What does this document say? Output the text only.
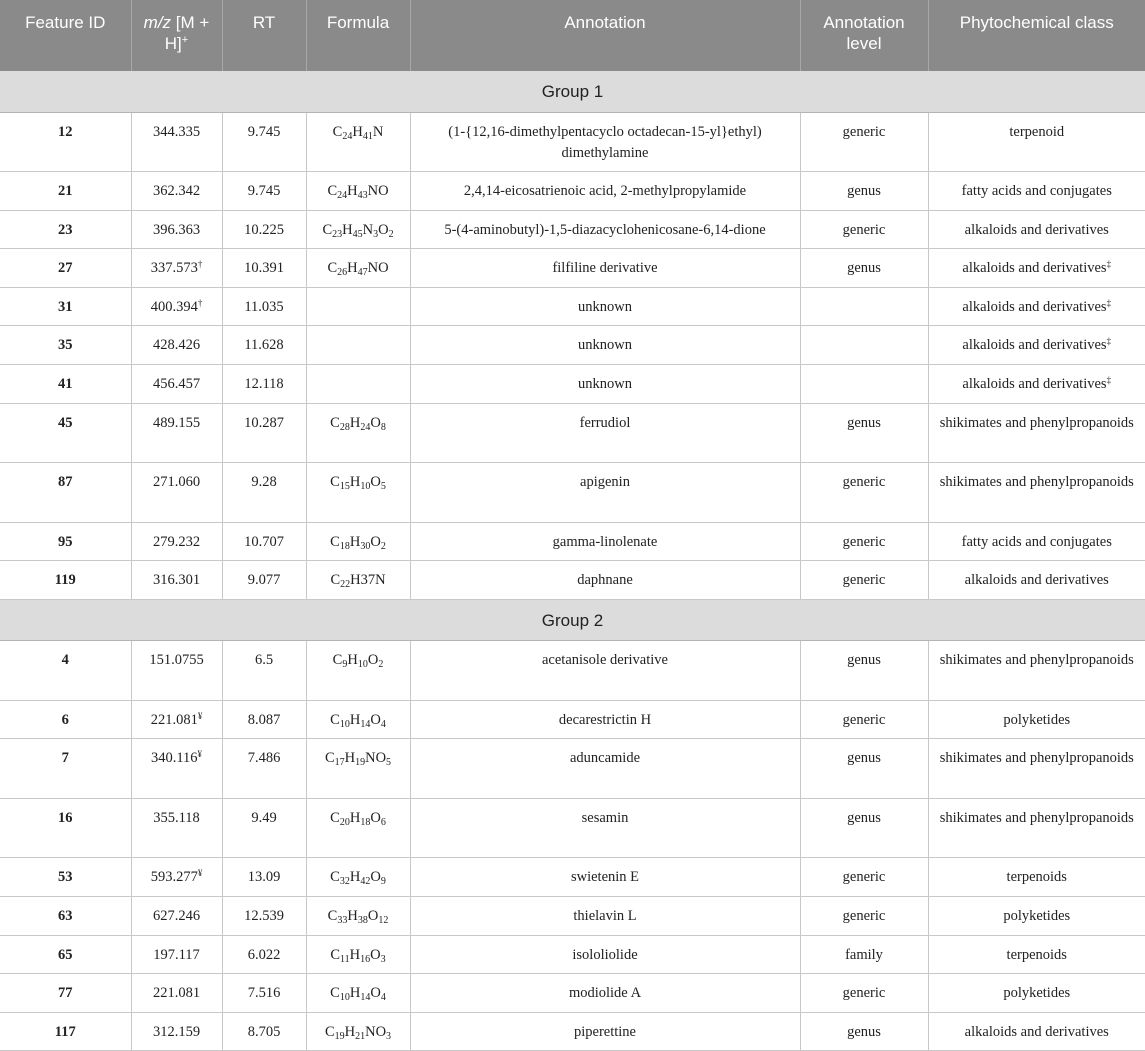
Feature ID	m/z [M + H]+	RT	Formula	Annotation	Annotation level	Phytochemical class
Group 1						
12	344.335	9.745	$C_{24}H_{41}N$	(1-{12,16-dimethylpentacyclo octadecan-15-yl}ethyl) dimethylamine	generic	terpenoid
21	362.342	9.745	$C_{24}H_{43}NO$	2,4,14-eicosatrienoic acid, 2-methylpropylamide	genus	fatty acids and conjugates
23	396.363	10.225	$C_{23}H_{45}N_3O_2$	5-(4-aminobutyl)-1,5-diazacyclohenicosane-6,14-dione	generic	alkaloids and derivatives
27	337.573†	10.391	$C_{26}H_{47}NO$	filfiline derivative	genus	alkaloids and derivatives‡
31	400.394†	11.035		unknown		alkaloids and derivatives‡
35	428.426	11.628		unknown		alkaloids and derivatives‡
41	456.457	12.118		unknown		alkaloids and derivatives‡
45	489.155	10.287	$C_{28}H_{24}O_8$	ferrudiol	genus	shikimates and phenylpropanoids
87	271.060	9.28	$C_{15}H_{10}O_5$	apigenin	generic	shikimates and phenylpropanoids
95	279.232	10.707	$C_{18}H_{30}O_2$	gamma-linolenate	generic	fatty acids and conjugates
119	316.301	9.077	$C_{22}H37N$	daphnane	generic	alkaloids and derivatives
Group 2						
4	151.0755	6.5	$C_9H_{10}O_2$	acetanisole derivative	genus	shikimates and phenylpropanoids
6	221.081¥	8.087	$C_{10}H_{14}O_4$	decarestrictin H	generic	polyketides
7	340.116¥	7.486	$C_{17}H_{19}NO_5$	aduncamide	genus	shikimates and phenylpropanoids
16	355.118	9.49	$C_{20}H_{18}O_6$	sesamin	genus	shikimates and phenylpropanoids
53	593.277¥	13.09	$C_{32}H_{42}O_9$	swietenin E	generic	terpenoids
63	627.246	12.539	$C_{33}H_{38}O_{12}$	thielavin L	generic	polyketides
65	197.117	6.022	$C_{11}H_{16}O_3$	isololiolide	family	terpenoids
77	221.081	7.516	$C_{10}H_{14}O_4$	modiolide A	generic	polyketides
117	312.159	8.705	$C_{19}H_{21}NO_3$	piperettine	genus	alkaloids and derivatives
